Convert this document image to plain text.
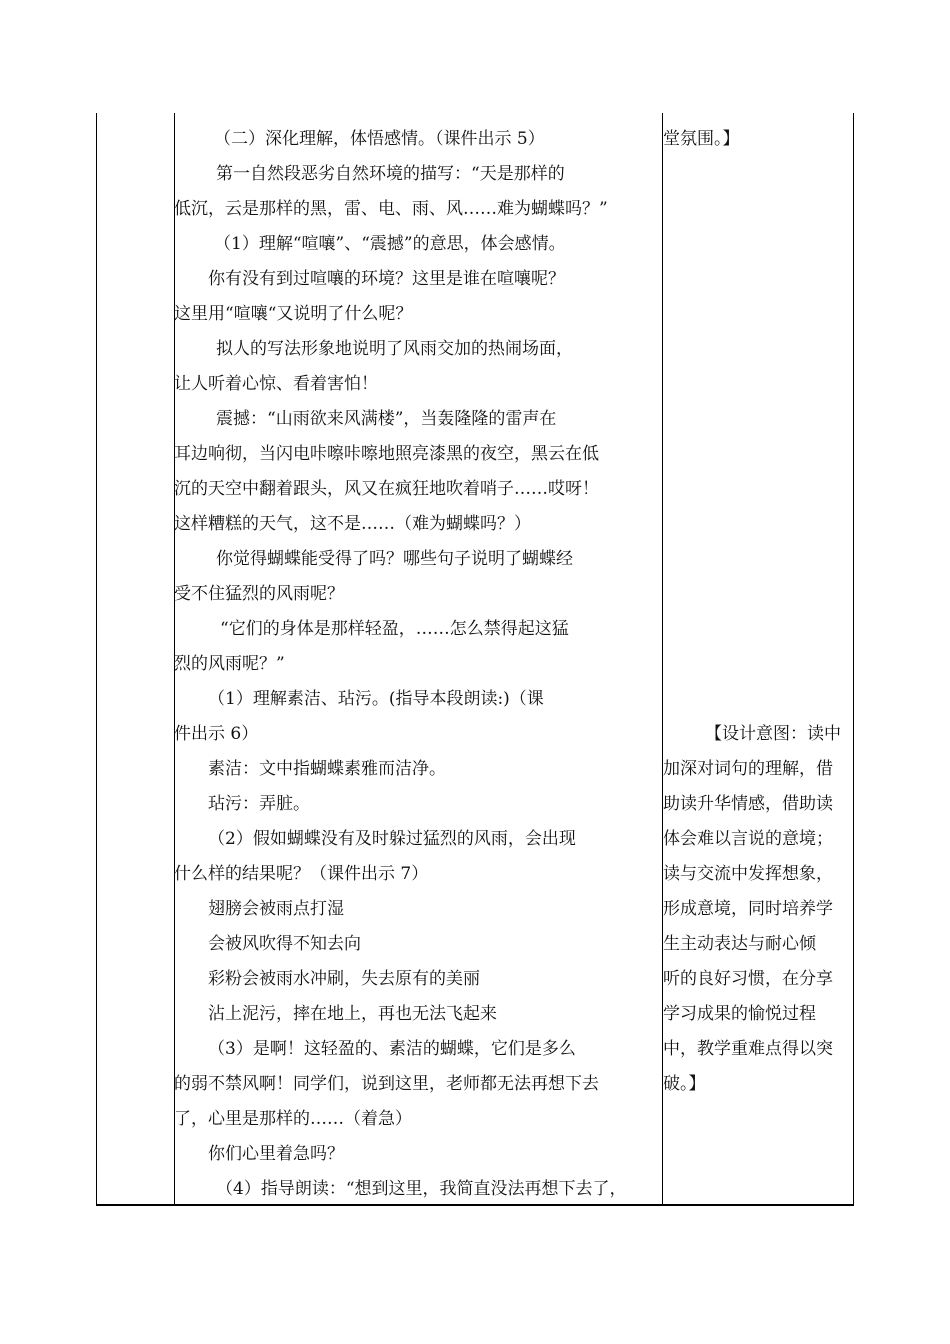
（二）深化理解，体悟感情。（课件出示 5）
第一自然段恶劣自然环境的描写：“天是那样的
低沉，云是那样的黑，雷、电、雨、风……难为蝴蝶吗？”
（1）理解“喧嚷”、“震撼”的意思，体会感情。
你有没有到过喧嚷的环境？这里是谁在喧嚷呢？
这里用“喧嚷“又说明了什么呢？
拟人的写法形象地说明了风雨交加的热闹场面，
让人听着心惊、看着害怕！
震撼：“山雨欲来风满楼”，当轰隆隆的雷声在
耳边响彻，当闪电咔嚓咔嚓地照亮漆黑的夜空，黑云在低
沉的天空中翻着跟头，风又在疯狂地吹着哨子……哎呀！
这样糟糕的天气，这不是……（难为蝴蝶吗？）
你觉得蝴蝶能受得了吗？哪些句子说明了蝴蝶经
受不住猛烈的风雨呢？
“它们的身体是那样轻盈，……怎么禁得起这猛
烈的风雨呢？”
（1）理解素洁、玷污。(指导本段朗读:)（课
件出示 6）
素洁：文中指蝴蝶素雅而洁净。
玷污：弄脏。
（2）假如蝴蝶没有及时躲过猛烈的风雨，会出现
什么样的结果呢？（课件出示 7）
翅膀会被雨点打湿
会被风吹得不知去向
彩粉会被雨水冲刷，失去原有的美丽
沾上泥污，摔在地上，再也无法飞起来
（3）是啊！这轻盈的、素洁的蝴蝶，它们是多么
的弱不禁风啊！同学们，说到这里，老师都无法再想下去
了，心里是那样的……（着急）
你们心里着急吗？
（4）指导朗读：“想到这里，我简直没法再想下去了，
堂氛围。】
【设计意图：读中
加深对词句的理解，借
助读升华情感，借助读
体会难以言说的意境；
读与交流中发挥想象，
形成意境，同时培养学
生主动表达与耐心倾
听的良好习惯，在分享
学习成果的愉悦过程
中，教学重难点得以突
破。】
